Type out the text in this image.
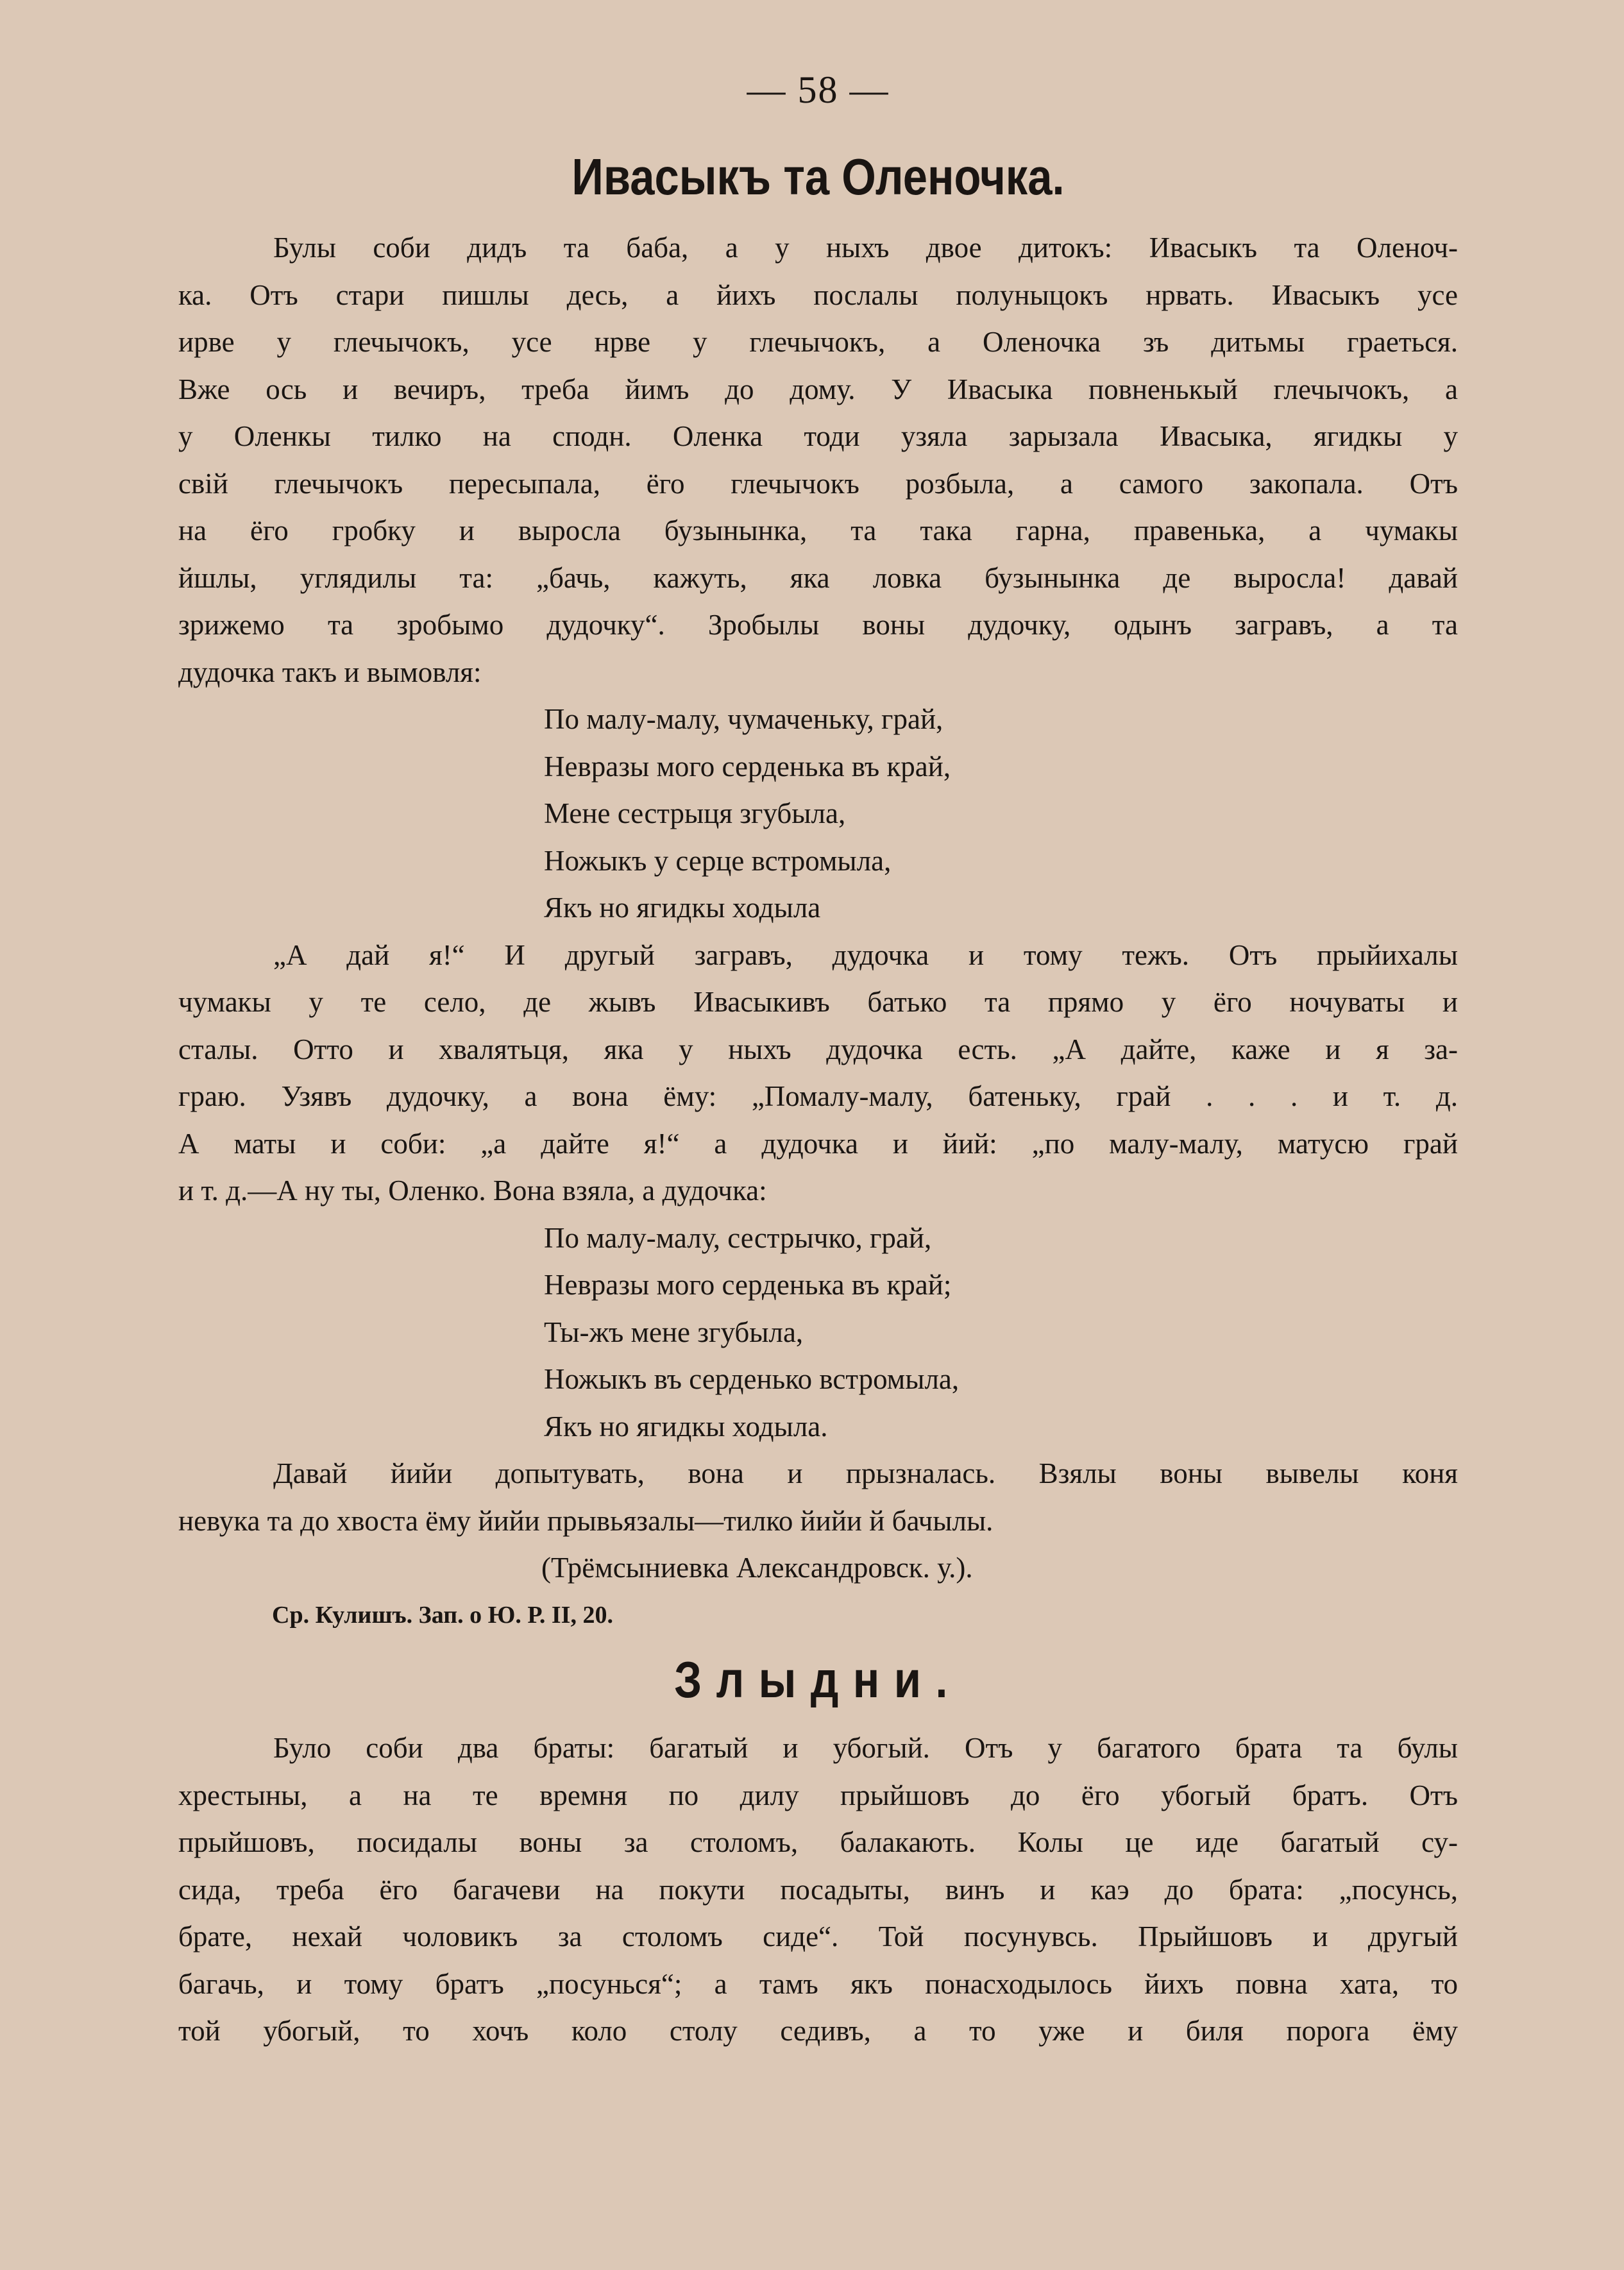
— 58 —
Ивасыкъ та Оленочка.
Булы соби дидъ та баба, а у ныхъ двое дитокъ: Ивасыкъ та Оленоч-
ка. Отъ стари пишлы десь, а йихъ послалы полуныцокъ нрвать. Ивасыкъ усе
ирве у глечычокъ, усе нрве у глечычокъ, а Оленочка зъ дитьмы граеться.
Вже ось и вечиръ, треба йимъ до дому. У Ивасыка повненькый глечычокъ, а
у Оленкы тилко на сподн. Оленка тоди узяла зарызала Ивасыка, ягидкы у
свій глечычокъ пересыпала, ёго глечычокъ розбыла, а самого закопала. Отъ
на ёго гробку и выросла бузынынка, та така гарна, правенька, а чумакы
йшлы, углядилы та: „бачь, кажуть, яка ловка бузынынка де выросла! давай
зрижемо та зробымо дудочку“. Зробылы воны дудочку, одынъ загравъ, а та
дудочка такъ и вымовля:
По малу-малу, чумаченьку, грай,
Невразы мого серденька въ край,
Мене сестрыця згубыла,
Ножыкъ у серце встромыла,
Якъ но ягидкы ходыла
„А дай я!“ И другый загравъ, дудочка и тому тежъ. Отъ прыйихалы
чумакы у те село, де жывъ Ивасыкивъ батько та прямо у ёго ночуваты и
сталы. Отто и хвалятьця, яка у ныхъ дудочка есть. „А дайте, каже и я за-
граю. Узявъ дудочку, а вона ёму: „Помалу-малу, батеньку, грай . . . и т. д.
А маты и соби: „а дайте я!“ а дудочка и йий: „по малу-малу, матусю грай
и т. д.—А ну ты, Оленко. Вона взяла, а дудочка:
По малу-малу, сестрычко, грай,
Невразы мого серденька въ край;
Ты-жъ мене згубыла,
Ножыкъ въ серденько встромыла,
Якъ но ягидкы ходыла.
Давай йийи допытувать, вона и прызналась. Взялы воны вывелы коня
невука та до хвоста ёму йийи прывьязалы—тилко йийи й бачылы.
(Трёмсыниевка Александровск. у.).
Ср. Кулишъ. Зап. о Ю. Р. II, 20.
Злыдни.
Було соби два браты: багатый и убогый. Отъ у багатого брата та булы
хрестыны, а на те времня по дилу прыйшовъ до ёго убогый братъ. Отъ
прыйшовъ, посидалы воны за столомъ, балакають. Колы це иде багатый су-
сида, треба ёго багачеви на покути посадыты, винъ и каэ до брата: „посунсь,
брате, нехай чоловикъ за столомъ сиде“. Той посунувсь. Прыйшовъ и другый
багачь, и тому братъ „посунься“; а тамъ якъ понасходылось йихъ повна хата, то
той убогый, то хочъ коло столу седивъ, а то уже и биля порога ёму
